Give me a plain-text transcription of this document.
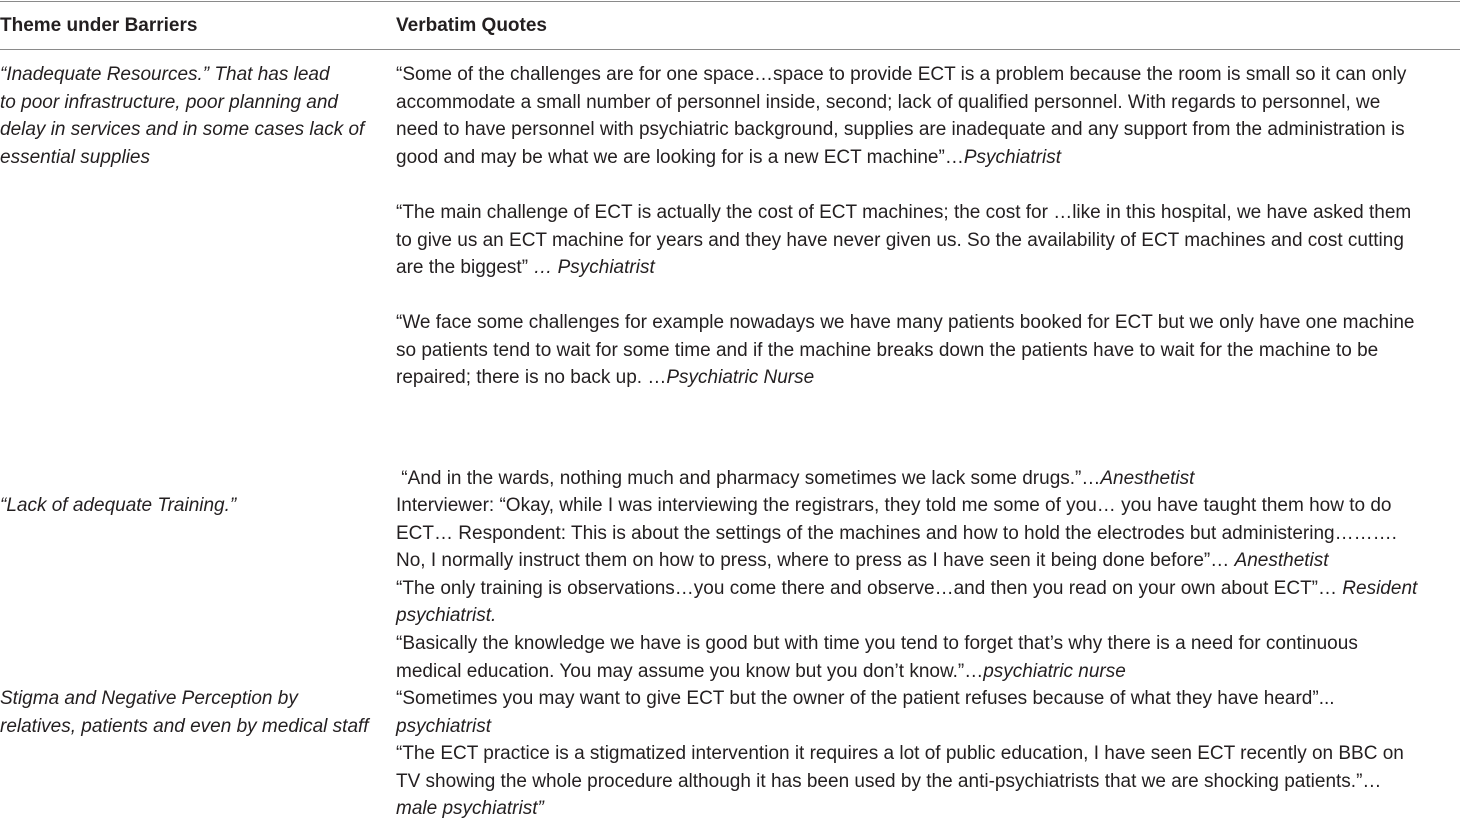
Theme under Barriers	Verbatim Quotes
“Inadequate Resources.” That has lead
to poor infrastructure, poor planning and
delay in services and in some cases lack of
essential supplies
“Some of the challenges are for one space…space to provide ECT is a problem because the room is small so it can only
accommodate a small number of personnel inside, second; lack of qualified personnel. With regards to personnel, we
need to have personnel with psychiatric background, supplies are inadequate and any support from the administration is
good and may be what we are looking for is a new ECT machine”…Psychiatrist
“The main challenge of ECT is actually the cost of ECT machines; the cost for …like in this hospital, we have asked them
to give us an ECT machine for years and they have never given us. So the availability of ECT machines and cost cutting
are the biggest” … Psychiatrist
“We face some challenges for example nowadays we have many patients booked for ECT but we only have one machine
so patients tend to wait for some time and if the machine breaks down the patients have to wait for the machine to be
repaired; there is no back up. …Psychiatric Nurse
“And in the wards, nothing much and pharmacy sometimes we lack some drugs.”…Anesthetist
“Lack of adequate Training.”	Interviewer: “Okay, while I was interviewing the registrars, they told me some of you… you have taught them how to do
ECT… Respondent: This is about the settings of the machines and how to hold the electrodes but administering……….
No, I normally instruct them on how to press, where to press as I have seen it being done before”… Anesthetist
“The only training is observations…you come there and observe…and then you read on your own about ECT”… Resident
psychiatrist.
“Basically the knowledge we have is good but with time you tend to forget that’s why there is a need for continuous
medical education. You may assume you know but you don’t know.”…psychiatric nurse
Stigma and Negative Perception by
relatives, patients and even by medical staff
“Sometimes you may want to give ECT but the owner of the patient refuses because of what they have heard”...
psychiatrist
“The ECT practice is a stigmatized intervention it requires a lot of public education, I have seen ECT recently on BBC on
TV showing the whole procedure although it has been used by the anti-psychiatrists that we are shocking patients.”…
male psychiatrist”
